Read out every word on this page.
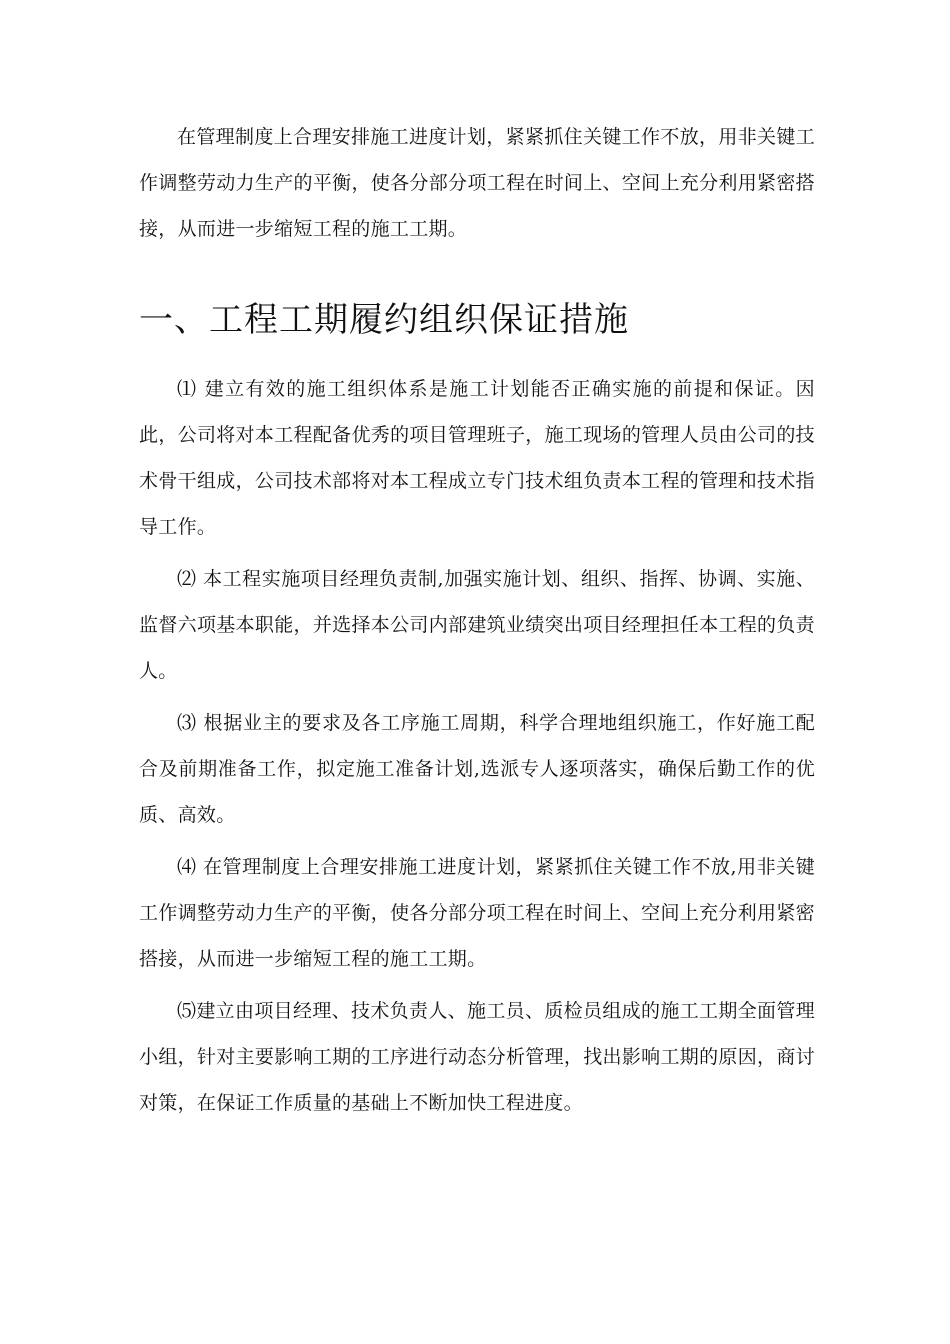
在管理制度上合理安排施工进度计划，紧紧抓住关键工作不放，用非关键工作调整劳动力生产的平衡，使各分部分项工程在时间上、空间上充分利用紧密搭接，从而进一步缩短工程的施工工期。

一、工程工期履约组织保证措施

⑴ 建立有效的施工组织体系是施工计划能否正确实施的前提和保证。因此，公司将对本工程配备优秀的项目管理班子，施工现场的管理人员由公司的技术骨干组成，公司技术部将对本工程成立专门技术组负责本工程的管理和技术指导工作。

⑵ 本工程实施项目经理负责制,加强实施计划、组织、指挥、协调、实施、监督六项基本职能，并选择本公司内部建筑业绩突出项目经理担任本工程的负责人。

⑶ 根据业主的要求及各工序施工周期，科学合理地组织施工，作好施工配合及前期准备工作，拟定施工准备计划,选派专人逐项落实，确保后勤工作的优质、高效。

⑷ 在管理制度上合理安排施工进度计划，紧紧抓住关键工作不放,用非关键工作调整劳动力生产的平衡，使各分部分项工程在时间上、空间上充分利用紧密搭接，从而进一步缩短工程的施工工期。

⑸建立由项目经理、技术负责人、施工员、质检员组成的施工工期全面管理小组，针对主要影响工期的工序进行动态分析管理，找出影响工期的原因，商讨对策，在保证工作质量的基础上不断加快工程进度。
